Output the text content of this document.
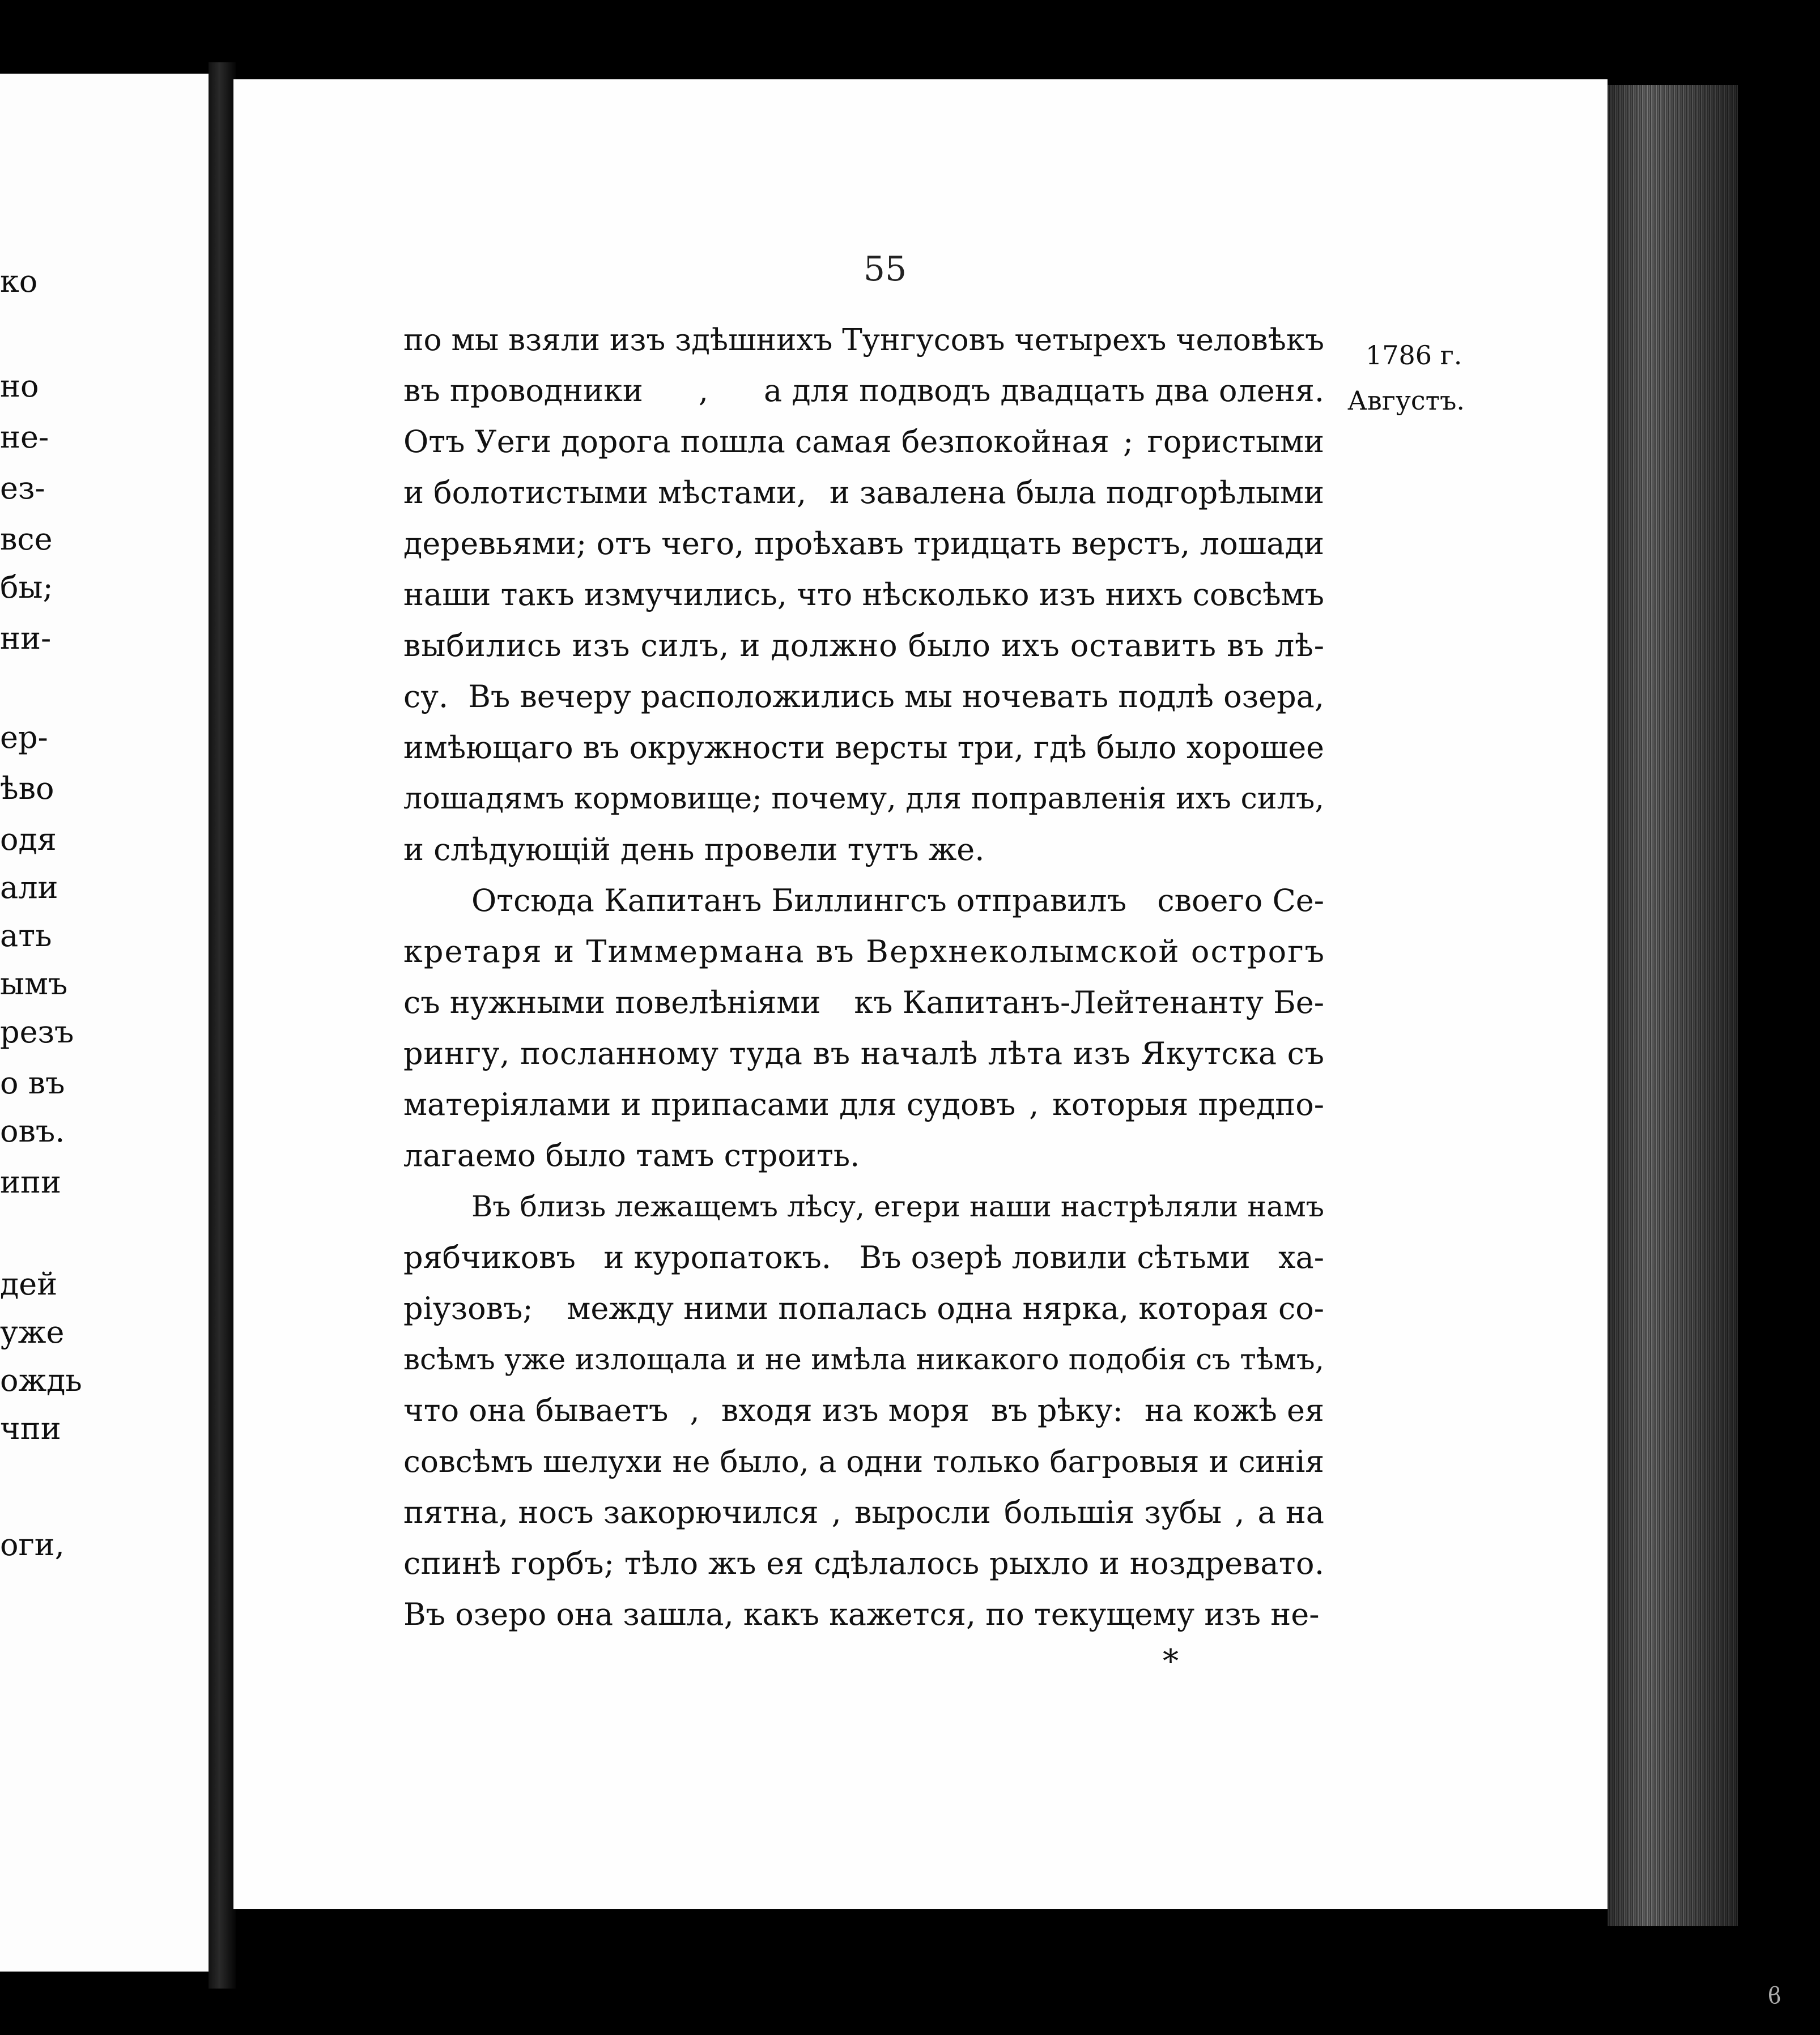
ко
но
не-
ез-
все
бы;
ни-
ер-
ѣво
одя
али
ать
ымъ
резъ
о въ
овъ.
ипи
дей
уже
ождь
чпи
оги,
55
1786 г.
Августъ.
*
по мы взяли изъ здѣшнихъ Тунгусовъ четырехъ человѣкъ
въ проводники , а для подводъ двадцать два оленя.
Отъ Уеги дорога пошла самая безпокойная ; гористыми
и болотистыми мѣстами, и завалена была подгорѣлыми
деревьями; отъ чего, проѣхавъ тридцать верстъ, лошади
наши такъ измучились, что нѣсколько изъ нихъ совсѣмъ
выбились изъ силъ, и должно было ихъ оставить въ лѣ-
су. Въ вечеру расположились мы ночевать подлѣ озера,
имѣющаго въ окружности версты три, гдѣ было хорошее
лошадямъ кормовище; почему, для поправленія ихъ силъ,
и слѣдующій день провели тутъ же.
Отсюда Капитанъ Биллингсъ отправилъ своего Се-
кретаря и Тиммермана въ Верхнеколымской острогъ
съ нужными повелѣніями къ Капитанъ-Лейтенанту Бе-
рингу, посланному туда въ началѣ лѣта изъ Якутска съ
матеріялами и припасами для судовъ , которыя предпо-
лагаемо было тамъ строить.
Въ близь лежащемъ лѣсу, егери наши настрѣляли намъ
рябчиковъ и куропатокъ. Въ озерѣ ловили сѣтьми ха-
ріузовъ; между ними попалась одна нярка, которая со-
всѣмъ уже излощала и не имѣла никакого подобія съ тѣмъ,
что она бываетъ , входя изъ моря въ рѣку: на кожѣ ея
совсѣмъ шелухи не было, а одни только багровыя и синія
пятна, носъ закорючился , выросли большія зубы , а на
спинѣ горбъ; тѣло жъ ея сдѣлалось рыхло и ноздревато.
Въ озеро она зашла, какъ кажется, по текущему изъ не-
ϐ
